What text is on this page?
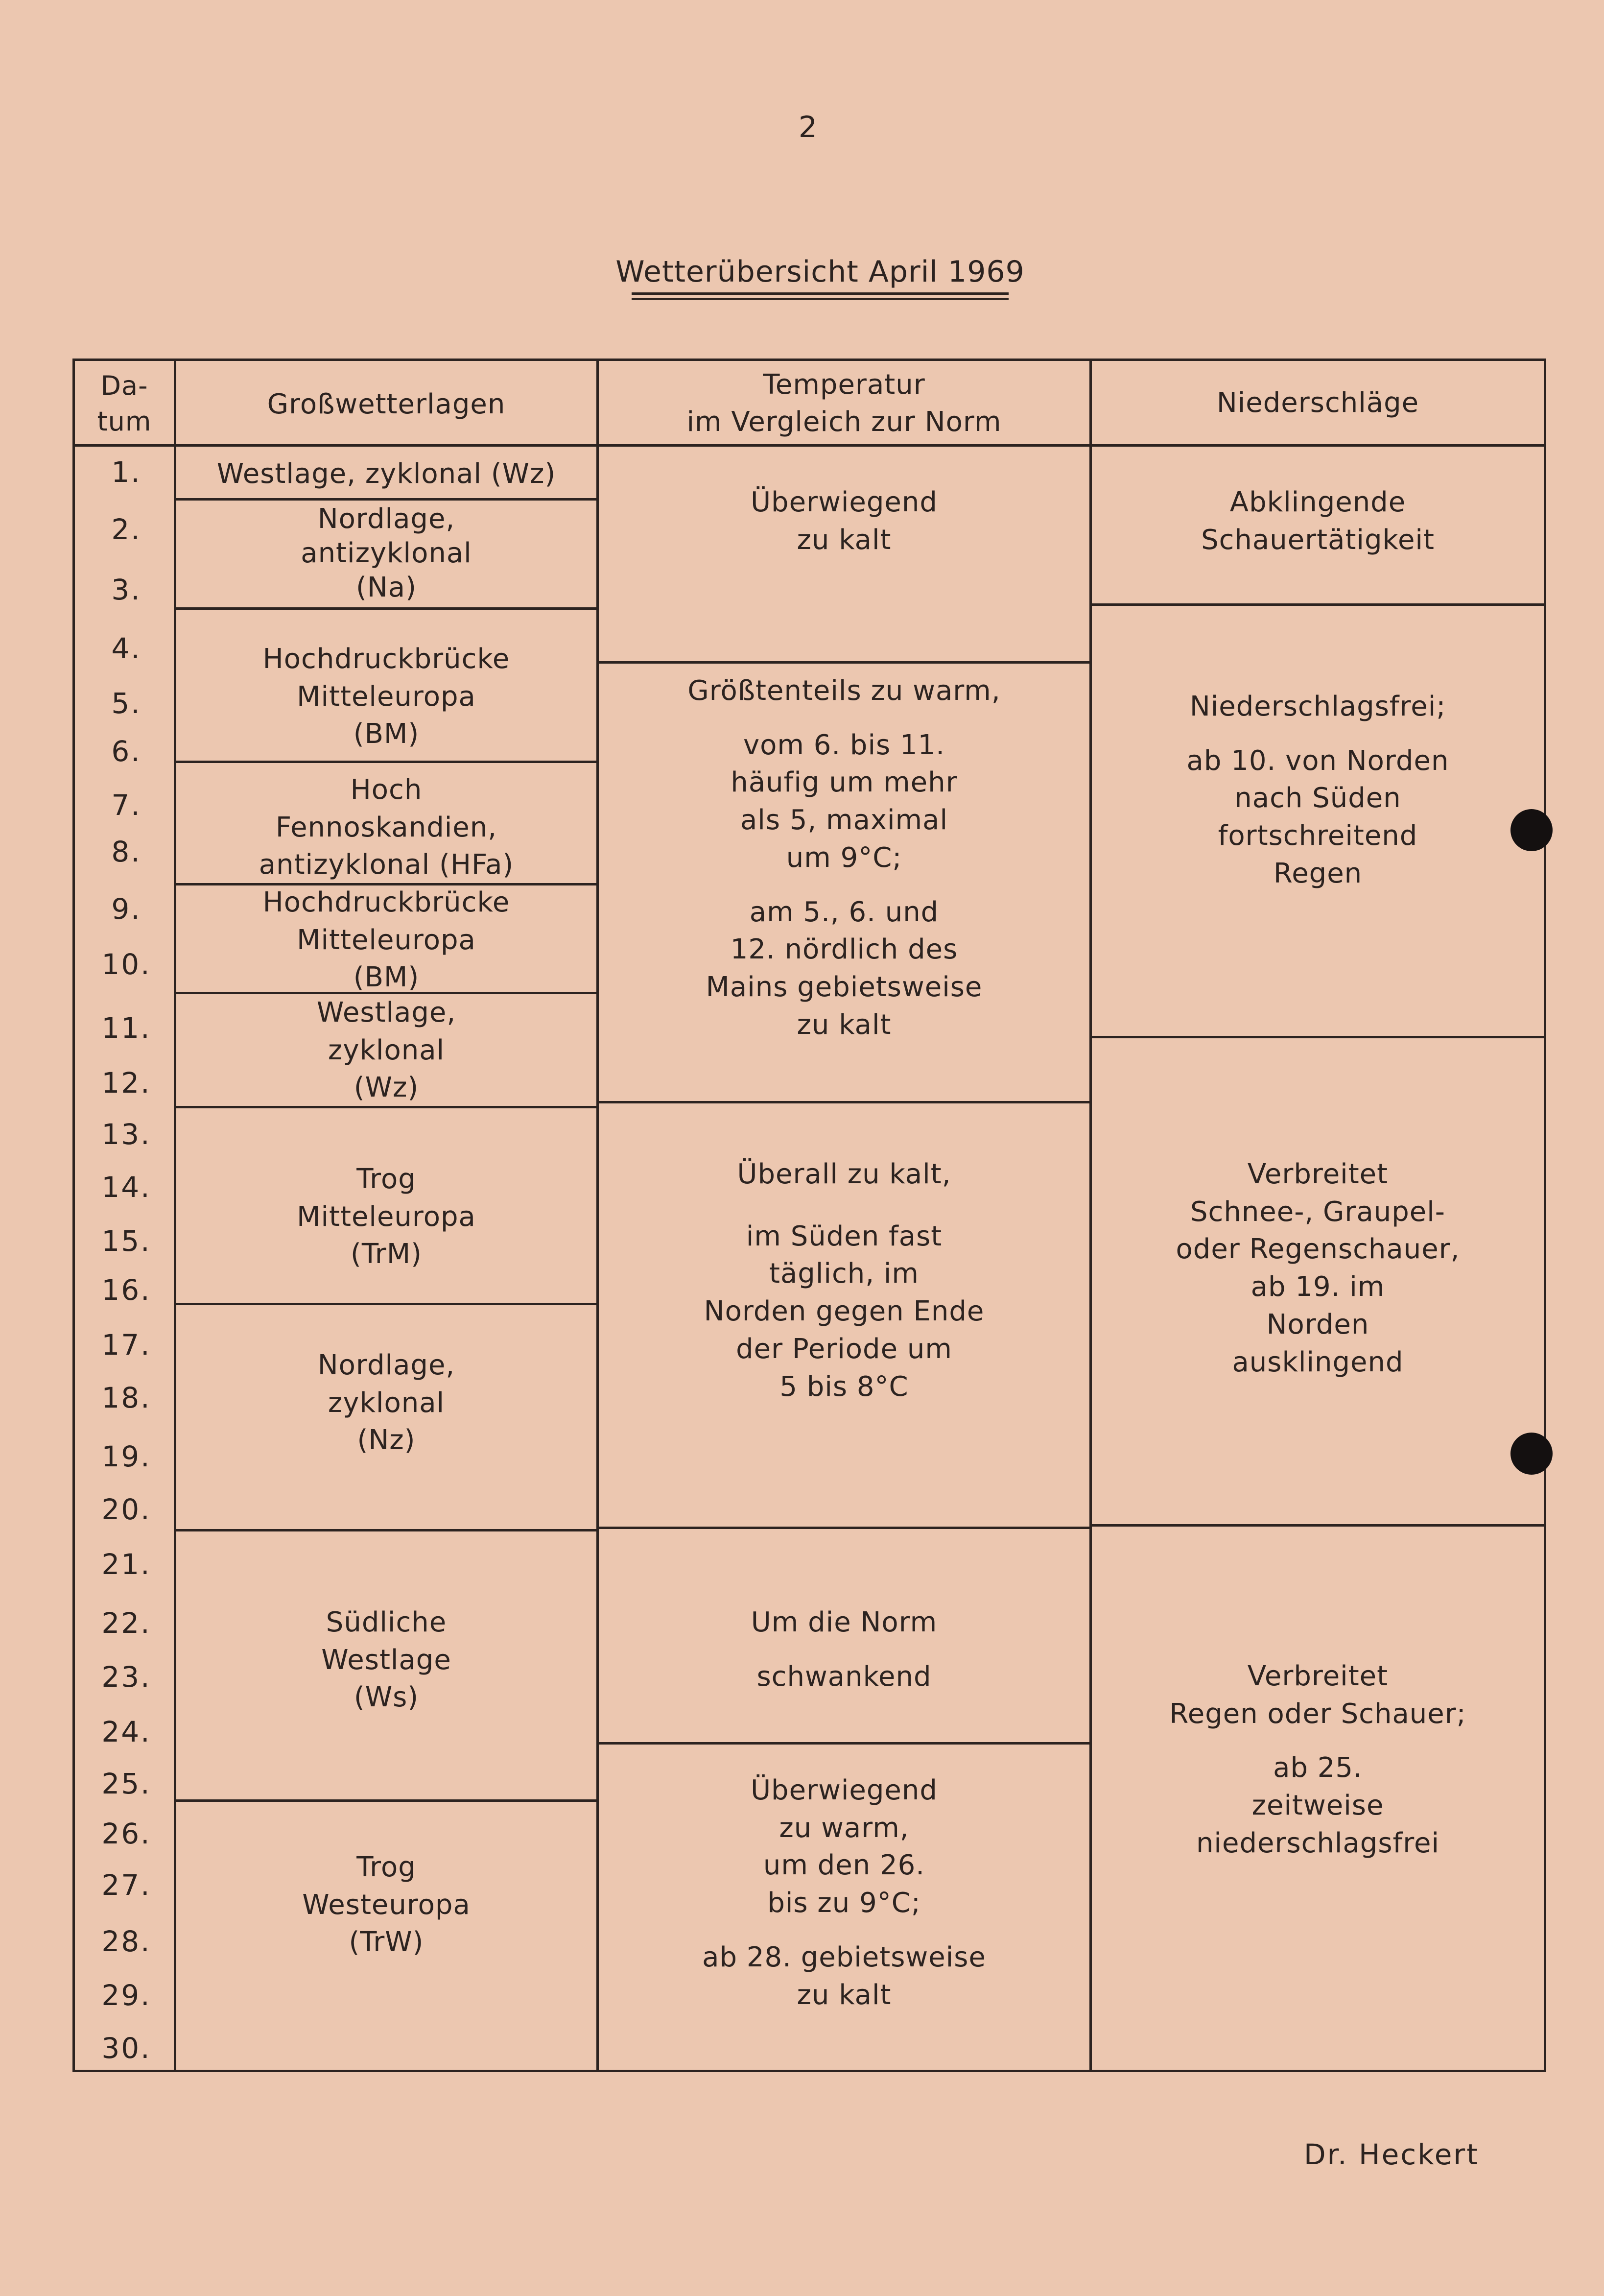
2
Wetterübersicht April 1969
Da-
tum
Großwetterlagen
Temperatur
im Vergleich zur Norm
Niederschläge
1.
2.
3.
4.
5.
6.
7.
8.
9.
10.
11.
12.
13.
14.
15.
16.
17.
18.
19.
20.
21.
22.
23.
24.
25.
26.
27.
28.
29.
30.
Westlage, zyklonal (Wz)
Nordlage,
antizyklonal
(Na)
Hochdruckbrücke
Mitteleuropa
(BM)
Hoch
Fennoskandien,
antizyklonal (HFa)
Hochdruckbrücke
Mitteleuropa
(BM)
Westlage,
zyklonal
(Wz)
Trog
Mitteleuropa
(TrM)
Nordlage,
zyklonal
(Nz)
Südliche
Westlage
(Ws)
Trog
Westeuropa
(TrW)
Überwiegend
zu kalt
Größtenteils zu warm,
vom 6. bis 11.
häufig um mehr
als 5, maximal
um 9°C;
am 5., 6. und
12. nördlich des
Mains gebietsweise
zu kalt
Überall zu kalt,
im Süden fast
täglich, im
Norden gegen Ende
der Periode um
5 bis 8°C
Um die Norm
schwankend
Überwiegend
zu warm,
um den 26.
bis zu 9°C;
ab 28. gebietsweise
zu kalt
Abklingende
Schauertätigkeit
Niederschlagsfrei;
ab 10. von Norden
nach Süden
fortschreitend
Regen
Verbreitet
Schnee-, Graupel-
oder Regenschauer,
ab 19. im
Norden
ausklingend
Verbreitet
Regen oder Schauer;
ab 25.
zeitweise
niederschlagsfrei
Dr. Heckert
